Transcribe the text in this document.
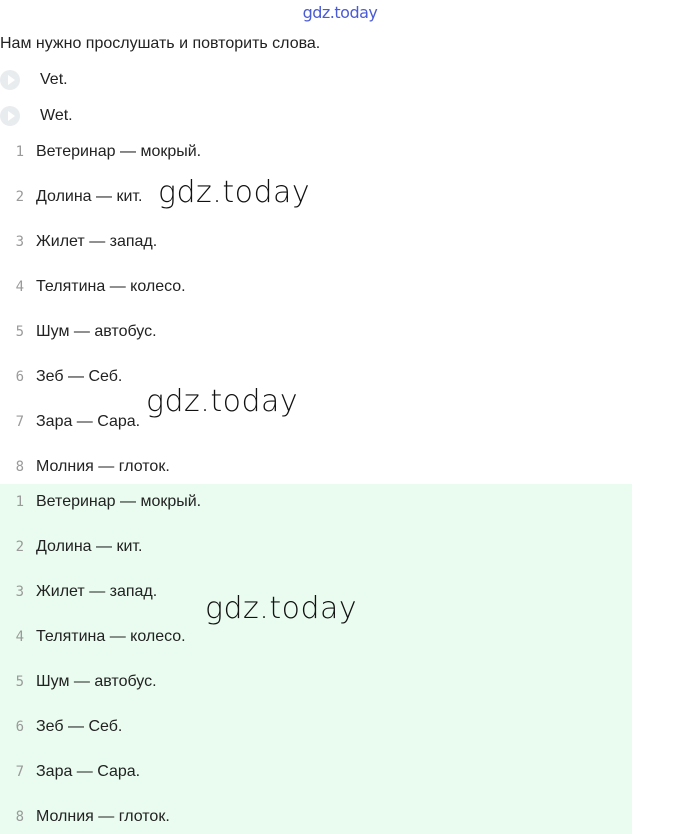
gdz.today
Нам нужно прослушать и повторить слова.
Vet.
Wet.
1 Ветеринар — мокрый.
2 Долина — кит.
3 Жилет — запад.
4 Телятина — колесо.
5 Шум — автобус.
6 Зеб — Себ.
7 Зара — Сара.
8 Молния — глоток.
1 Ветеринар — мокрый.
2 Долина — кит.
3 Жилет — запад.
4 Телятина — колесо.
5 Шум — автобус.
6 Зеб — Себ.
7 Зара — Сара.
8 Молния — глоток.
gdz.today
gdz.today
gdz.today
